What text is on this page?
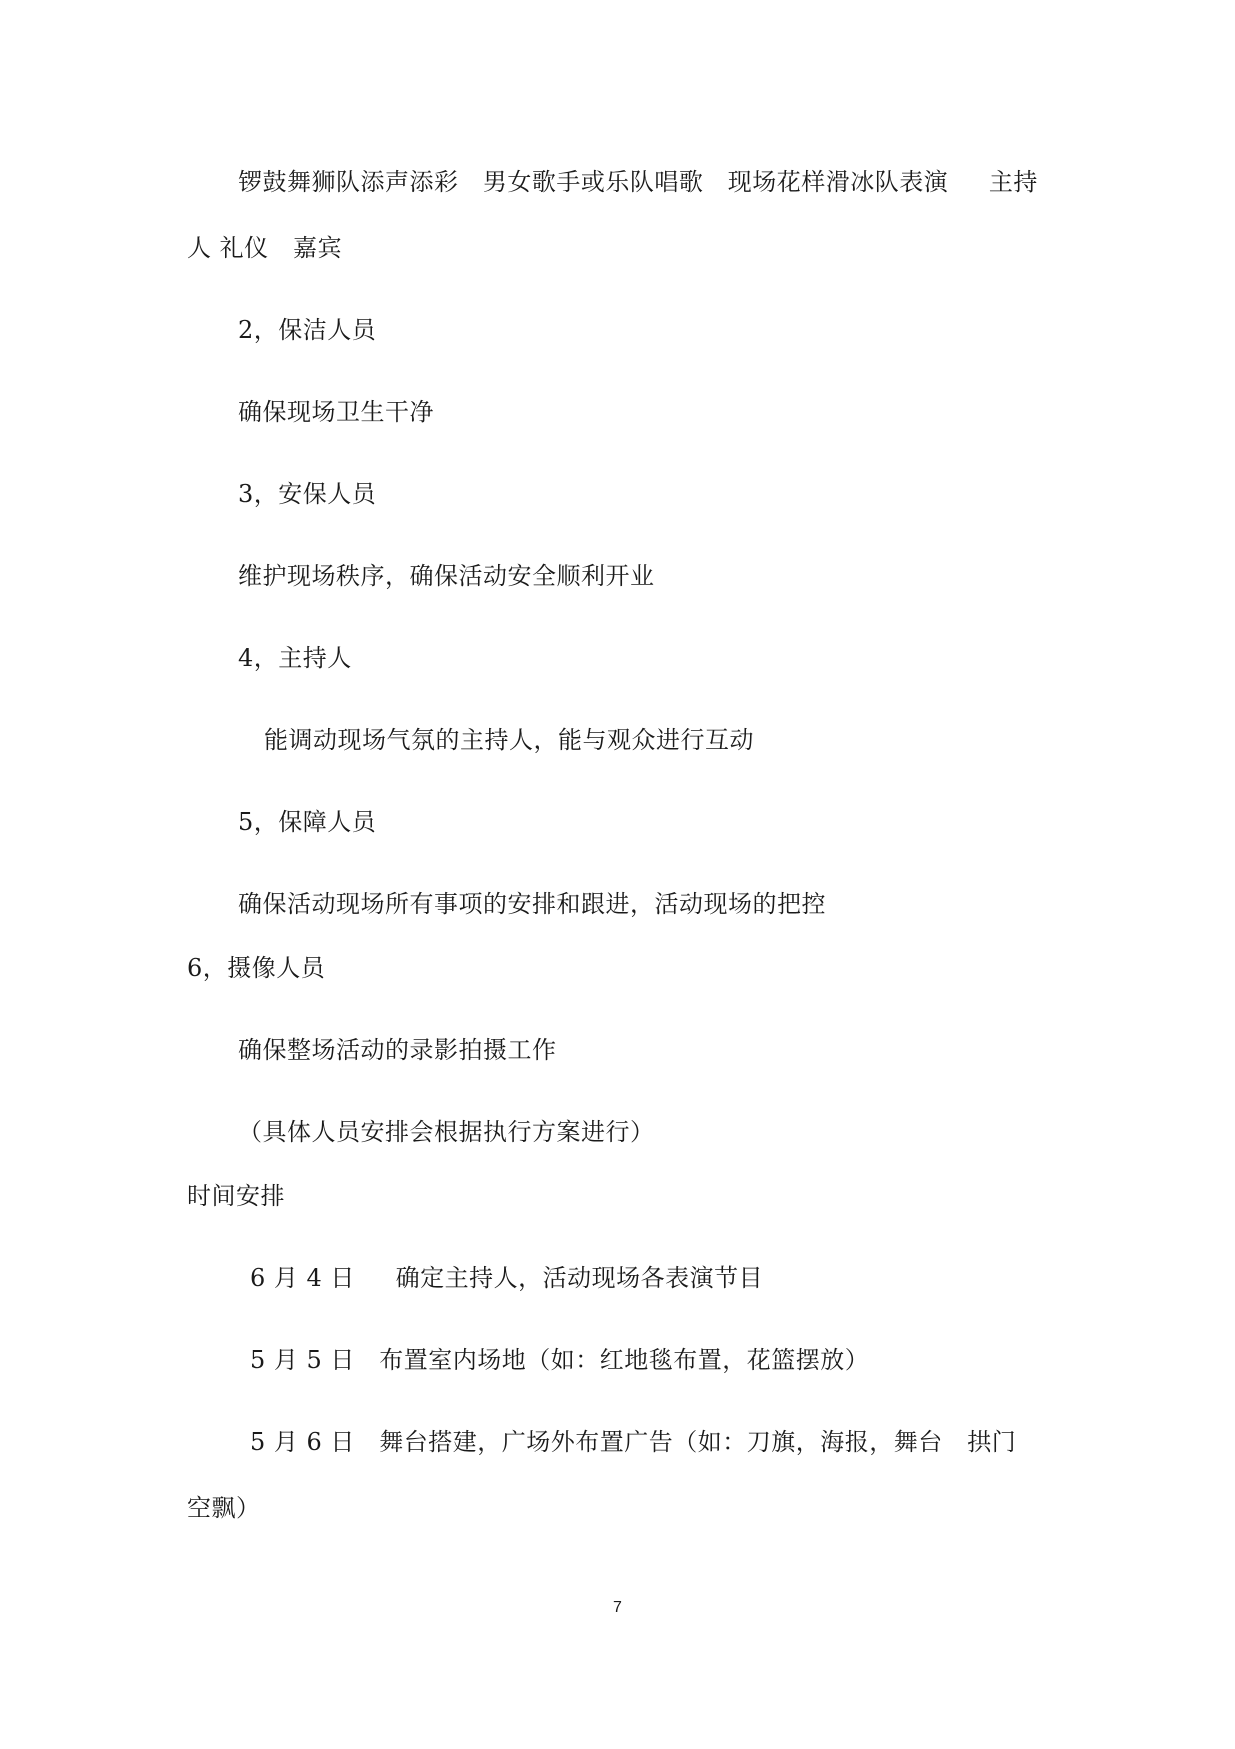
锣鼓舞狮队添声添彩   男女歌手或乐队唱歌   现场花样滑冰队表演     主持
人 礼仪   嘉宾
2，保洁人员
确保现场卫生干净
3，安保人员
维护现场秩序，确保活动安全顺利开业
4，主持人
能调动现场气氛的主持人，能与观众进行互动
5，保障人员
确保活动现场所有事项的安排和跟进，活动现场的把控
6，摄像人员
确保整场活动的录影拍摄工作
（具体人员安排会根据执行方案进行）
时间安排
6 月 4 日     确定主持人，活动现场各表演节目
5 月 5 日   布置室内场地（如：红地毯布置，花篮摆放）
5 月 6 日   舞台搭建，广场外布置广告（如：刀旗，海报，舞台   拱门
空飘）
7
